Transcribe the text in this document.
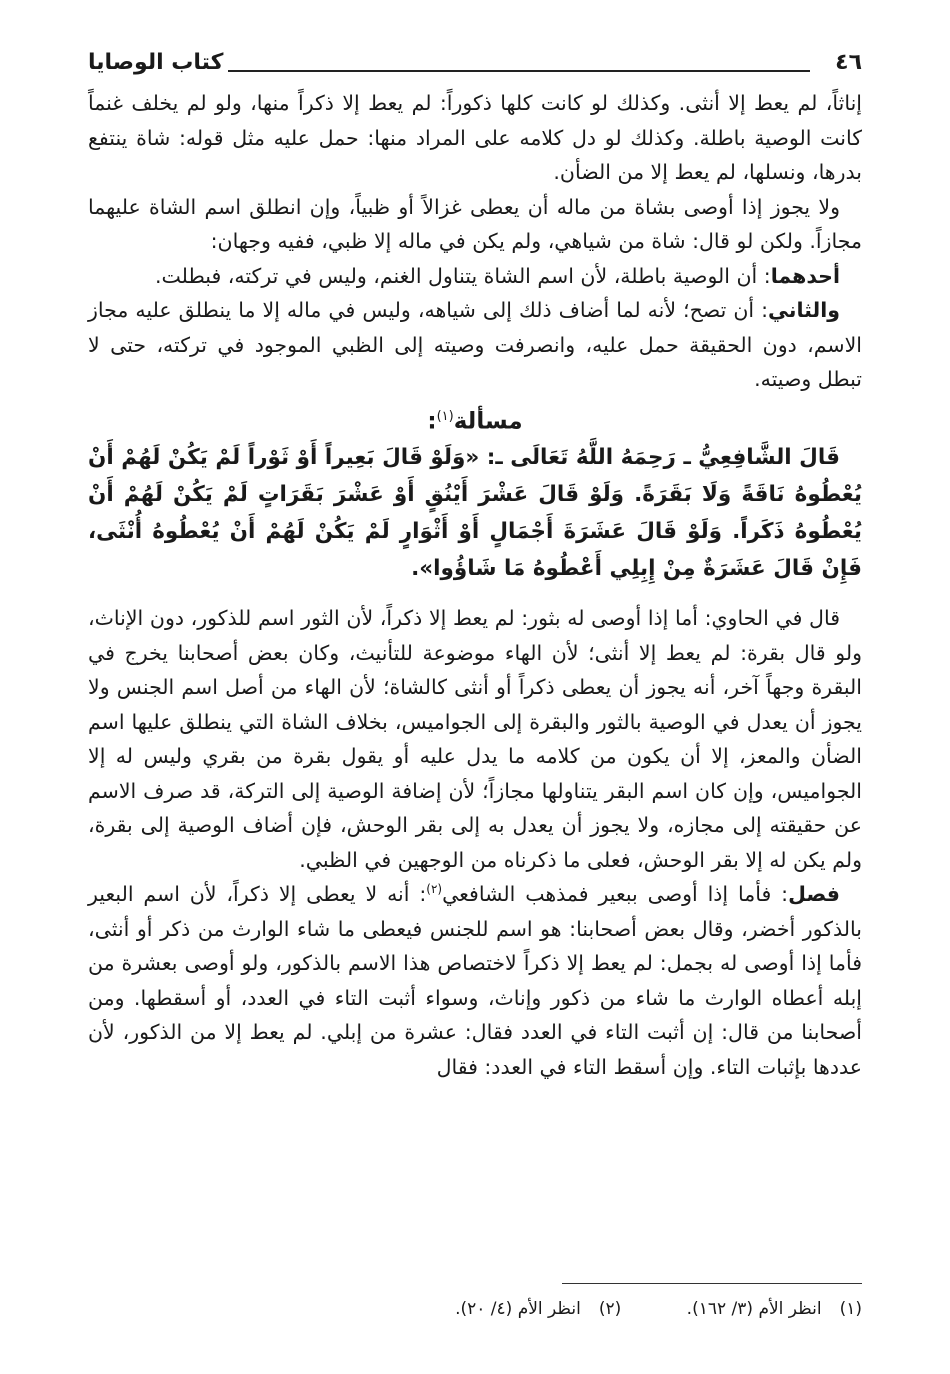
٤٦
كتاب الوصايا

إناثاً، لم يعط إلا أنثى. وكذلك لو كانت كلها ذكوراً: لم يعط إلا ذكراً منها، ولو لم يخلف غنماً كانت الوصية باطلة. وكذلك لو دل كلامه على المراد منها: حمل عليه مثل قوله: شاة ينتفع بدرها، ونسلها، لم يعط إلا من الضأن.

ولا يجوز إذا أوصى بشاة من ماله أن يعطى غزالاً أو ظبياً، وإن انطلق اسم الشاة عليهما مجازاً. ولكن لو قال: شاة من شياهي، ولم يكن في ماله إلا ظبي، ففيه وجهان:

أحدهما: أن الوصية باطلة، لأن اسم الشاة يتناول الغنم، وليس في تركته، فبطلت.

والثاني: أن تصح؛ لأنه لما أضاف ذلك إلى شياهه، وليس في ماله إلا ما ينطلق عليه مجاز الاسم، دون الحقيقة حمل عليه، وانصرفت وصيته إلى الظبي الموجود في تركته، حتى لا تبطل وصيته.

مسألة$^{(١)}$:

قَالَ الشَّافِعِيُّ ـ رَحِمَهُ اللَّهُ تَعَالَى ـ: «وَلَوْ قَالَ بَعِيراً أَوْ ثَوْراً لَمْ يَكُنْ لَهُمْ أَنْ يُعْطُوهُ نَاقَةً وَلَا بَقَرَةً. وَلَوْ قَالَ عَشْرَ أَيْنُقٍ أَوْ عَشْرَ بَقَرَاتٍ لَمْ يَكُنْ لَهُمْ أَنْ يُعْطُوهُ ذَكَراً. وَلَوْ قَالَ عَشَرَةَ أَجْمَالٍ أَوْ أَثْوَارٍ لَمْ يَكُنْ لَهُمْ أَنْ يُعْطُوهُ أُنْثَى، فَإِنْ قَالَ عَشَرَةٌ مِنْ إِبِلِي أَعْطُوهُ مَا شَاؤُوا».

قال في الحاوي: أما إذا أوصى له بثور: لم يعط إلا ذكراً، لأن الثور اسم للذكور، دون الإناث، ولو قال بقرة: لم يعط إلا أنثى؛ لأن الهاء موضوعة للتأنيث، وكان بعض أصحابنا يخرج في البقرة وجهاً آخر، أنه يجوز أن يعطى ذكراً أو أنثى كالشاة؛ لأن الهاء من أصل اسم الجنس ولا يجوز أن يعدل في الوصية بالثور والبقرة إلى الجواميس، بخلاف الشاة التي ينطلق عليها اسم الضأن والمعز، إلا أن يكون من كلامه ما يدل عليه أو يقول بقرة من بقري وليس له إلا الجواميس، وإن كان اسم البقر يتناولها مجازاً؛ لأن إضافة الوصية إلى التركة، قد صرف الاسم عن حقيقته إلى مجازه، ولا يجوز أن يعدل به إلى بقر الوحش، فإن أضاف الوصية إلى بقرة، ولم يكن له إلا بقر الوحش، فعلى ما ذكرناه من الوجهين في الظبي.

فصل: فأما إذا أوصى ببعير فمذهب الشافعي$^{(٢)}$: أنه لا يعطى إلا ذكراً، لأن اسم البعير بالذكور أخضر، وقال بعض أصحابنا: هو اسم للجنس فيعطى ما شاء الوارث من ذكر أو أنثى، فأما إذا أوصى له بجمل: لم يعط إلا ذكراً لاختصاص هذا الاسم بالذكور، ولو أوصى بعشرة من إبله أعطاه الوارث ما شاء من ذكور وإناث، وسواء أثبت التاء في العدد، أو أسقطها. ومن أصحابنا من قال: إن أثبت التاء في العدد فقال: عشرة من إبلي. لم يعط إلا من الذكور، لأن عددها بإثبات التاء. وإن أسقط التاء في العدد: فقال

(١)انظر الأم (٣/ ١٦٢). (٢)انظر الأم (٤/ ٢٠).
